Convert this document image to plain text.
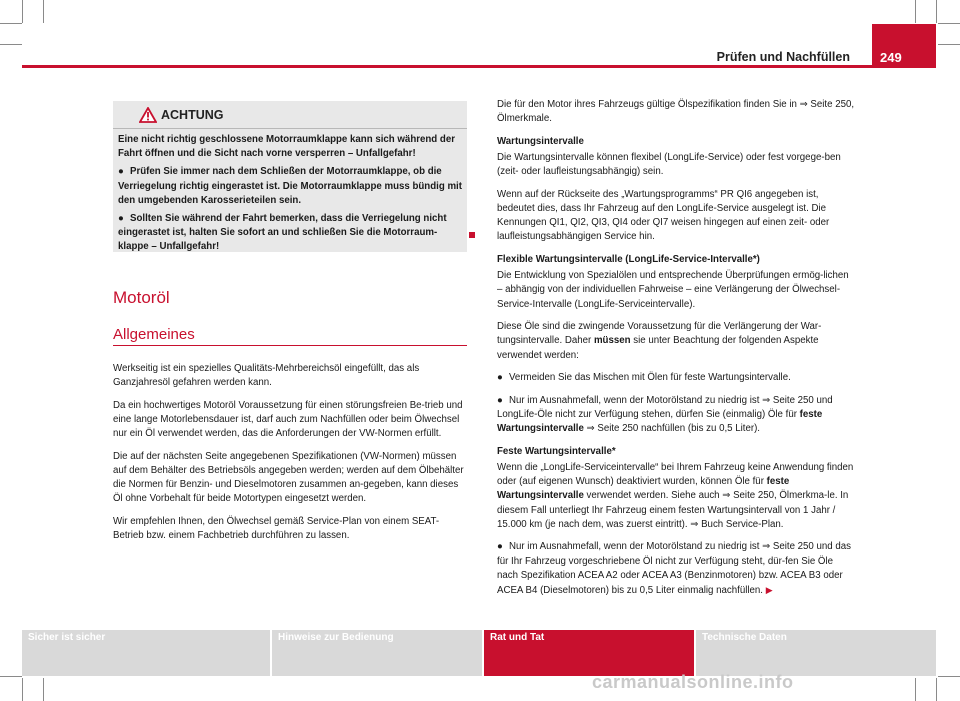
Prüfen und Nachfüllen 249
ACHTUNG

Eine nicht richtig geschlossene Motorraumklappe kann sich während der Fahrt öffnen und die Sicht nach vorne versperren – Unfallgefahr!

● Prüfen Sie immer nach dem Schließen der Motorraumklappe, ob die Verriegelung richtig eingerastet ist. Die Motorraumklappe muss bündig mit den umgebenden Karosserieteilen sein.

● Sollten Sie während der Fahrt bemerken, dass die Verriegelung nicht eingerastet ist, halten Sie sofort an und schließen Sie die Motorraum-klappe – Unfallgefahr!

Motoröl
Allgemeines

Werkseitig ist ein spezielles Qualitäts-Mehrbereichsöl eingefüllt, das als Ganzjahresöl gefahren werden kann.

Da ein hochwertiges Motoröl Voraussetzung für einen störungsfreien Be-trieb und eine lange Motorlebensdauer ist, darf auch zum Nachfüllen oder beim Ölwechsel nur ein Öl verwendet werden, das die Anforderungen der VW-Normen erfüllt.

Die auf der nächsten Seite angegebenen Spezifikationen (VW-Normen) müssen auf dem Behälter des Betriebsöls angegeben werden; werden auf dem Ölbehälter die Normen für Benzin- und Dieselmotoren zusammen an-gegeben, kann dieses Öl ohne Vorbehalt für beide Motortypen eingesetzt werden.

Wir empfehlen Ihnen, den Ölwechsel gemäß Service-Plan von einem SEAT-Betrieb bzw. einem Fachbetrieb durchführen zu lassen.

Die für den Motor ihres Fahrzeugs gültige Ölspezifikation finden Sie in ⇒ Seite 250, Ölmerkmale.

Wartungsintervalle

Die Wartungsintervalle können flexibel (LongLife-Service) oder fest vorgege-ben (zeit- oder laufleistungsabhängig) sein.

Wenn auf der Rückseite des „Wartungsprogramms“ PR QI6 angegeben ist, bedeutet dies, dass Ihr Fahrzeug auf den LongLife-Service ausgelegt ist. Die Kennungen QI1, QI2, QI3, QI4 oder QI7 weisen hingegen auf einen zeit- oder laufleistungsabhängigen Service hin.

Flexible Wartungsintervalle (LongLife-Service-Intervalle*)

Die Entwicklung von Spezialölen und entsprechende Überprüfungen ermög-lichen – abhängig von der individuellen Fahrweise – eine Verlängerung der Ölwechsel-Service-Intervalle (LongLife-Serviceintervalle).

Diese Öle sind die zwingende Voraussetzung für die Verlängerung der War-tungsintervalle. Daher müssen sie unter Beachtung der folgenden Aspekte verwendet werden:

● Vermeiden Sie das Mischen mit Ölen für feste Wartungsintervalle.

● Nur im Ausnahmefall, wenn der Motorölstand zu niedrig ist ⇒ Seite 250 und LongLife-Öle nicht zur Verfügung stehen, dürfen Sie (einmalig) Öle für feste Wartungsintervalle ⇒ Seite 250 nachfüllen (bis zu 0,5 Liter).

Feste Wartungsintervalle*

Wenn die „LongLife-Serviceintervalle“ bei Ihrem Fahrzeug keine Anwendung finden oder (auf eigenen Wunsch) deaktiviert wurden, können Öle für feste Wartungsintervalle verwendet werden. Siehe auch ⇒ Seite 250, Ölmerkma-le. In diesem Fall unterliegt Ihr Fahrzeug einem festen Wartungsintervall von 1 Jahr / 15.000 km (je nach dem, was zuerst eintritt). ⇒ Buch Service-Plan.

● Nur im Ausnahmefall, wenn der Motorölstand zu niedrig ist ⇒ Seite 250 und das für Ihr Fahrzeug vorgeschriebene Öl nicht zur Verfügung steht, dür-fen Sie Öle nach Spezifikation ACEA A2 oder ACEA A3 (Benzinmotoren) bzw. ACEA B3 oder ACEA B4 (Dieselmotoren) bis zu 0,5 Liter einmalig nachfüllen. ▶

Sicher ist sicher	Hinweise zur Bedienung	Rat und Tat	Technische Daten
carmanualsonline.info
